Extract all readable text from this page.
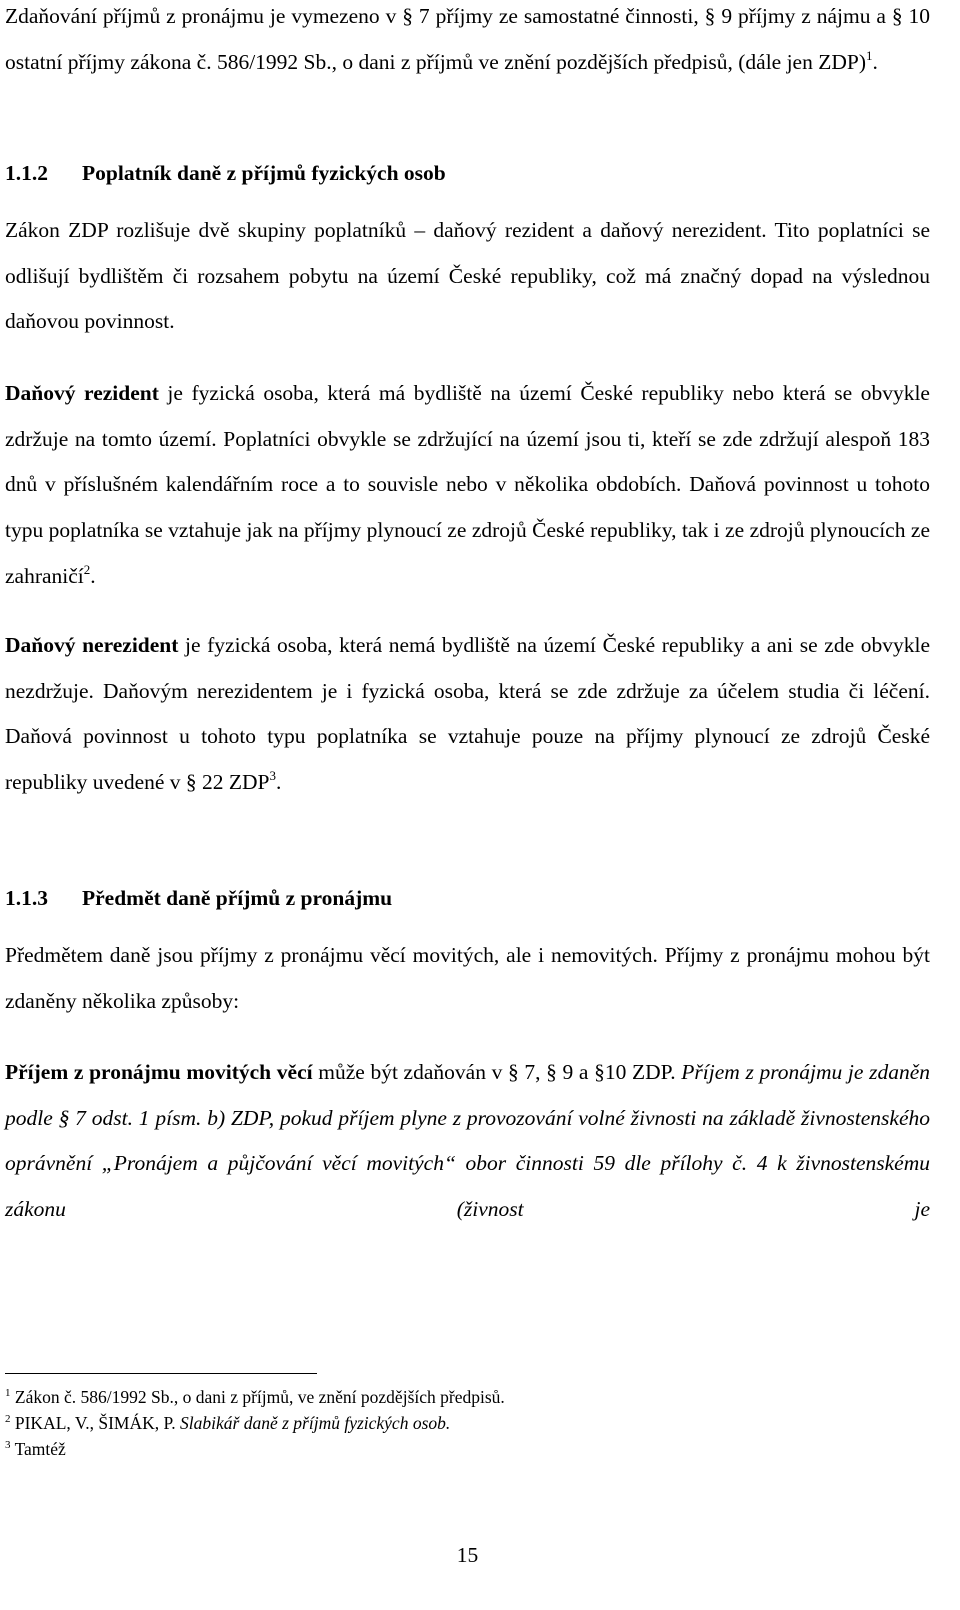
Zdaňování příjmů z pronájmu je vymezeno v § 7 příjmy ze samostatné činnosti, § 9 příjmy z nájmu a § 10 ostatní příjmy zákona č. 586/1992 Sb., o dani z příjmů ve znění pozdějších předpisů, (dále jen ZDP)$^1$.
1.1.2 Poplatník daně z příjmů fyzických osob
Zákon ZDP rozlišuje dvě skupiny poplatníků – daňový rezident a daňový nerezident. Tito poplatníci se odlišují bydlištěm či rozsahem pobytu na území České republiky, což má značný dopad na výslednou daňovou povinnost.
Daňový rezident je fyzická osoba, která má bydliště na území České republiky nebo která se obvykle zdržuje na tomto území. Poplatníci obvykle se zdržující na území jsou ti, kteří se zde zdržují alespoň 183 dnů v příslušném kalendářním roce a to souvisle nebo v několika obdobích. Daňová povinnost u tohoto typu poplatníka se vztahuje jak na příjmy plynoucí ze zdrojů České republiky, tak i ze zdrojů plynoucích ze zahraničí$^2$.
Daňový nerezident je fyzická osoba, která nemá bydliště na území České republiky a ani se zde obvykle nezdržuje. Daňovým nerezidentem je i fyzická osoba, která se zde zdržuje za účelem studia či léčení. Daňová povinnost u tohoto typu poplatníka se vztahuje pouze na příjmy plynoucí ze zdrojů České republiky uvedené v § 22 ZDP$^3$.
1.1.3 Předmět daně příjmů z pronájmu
Předmětem daně jsou příjmy z pronájmu věcí movitých, ale i nemovitých. Příjmy z pronájmu mohou být zdaněny několika způsoby:
Příjem z pronájmu movitých věcí může být zdaňován v § 7, § 9 a §10 ZDP. Příjem z pronájmu je zdaněn podle § 7 odst. 1 písm. b) ZDP, pokud příjem plyne z provozování volné živnosti na základě živnostenského oprávnění „Pronájem a půjčování věcí movitých“ obor činnosti 59 dle přílohy č. 4 k živnostenskému zákonu (živnost je
$^1$ Zákon č. 586/1992 Sb., o dani z příjmů, ve znění pozdějších předpisů.
$^2$ PIKAL, V., ŠIMÁK, P. Slabikář daně z příjmů fyzických osob.
$^3$ Tamtéž
15
